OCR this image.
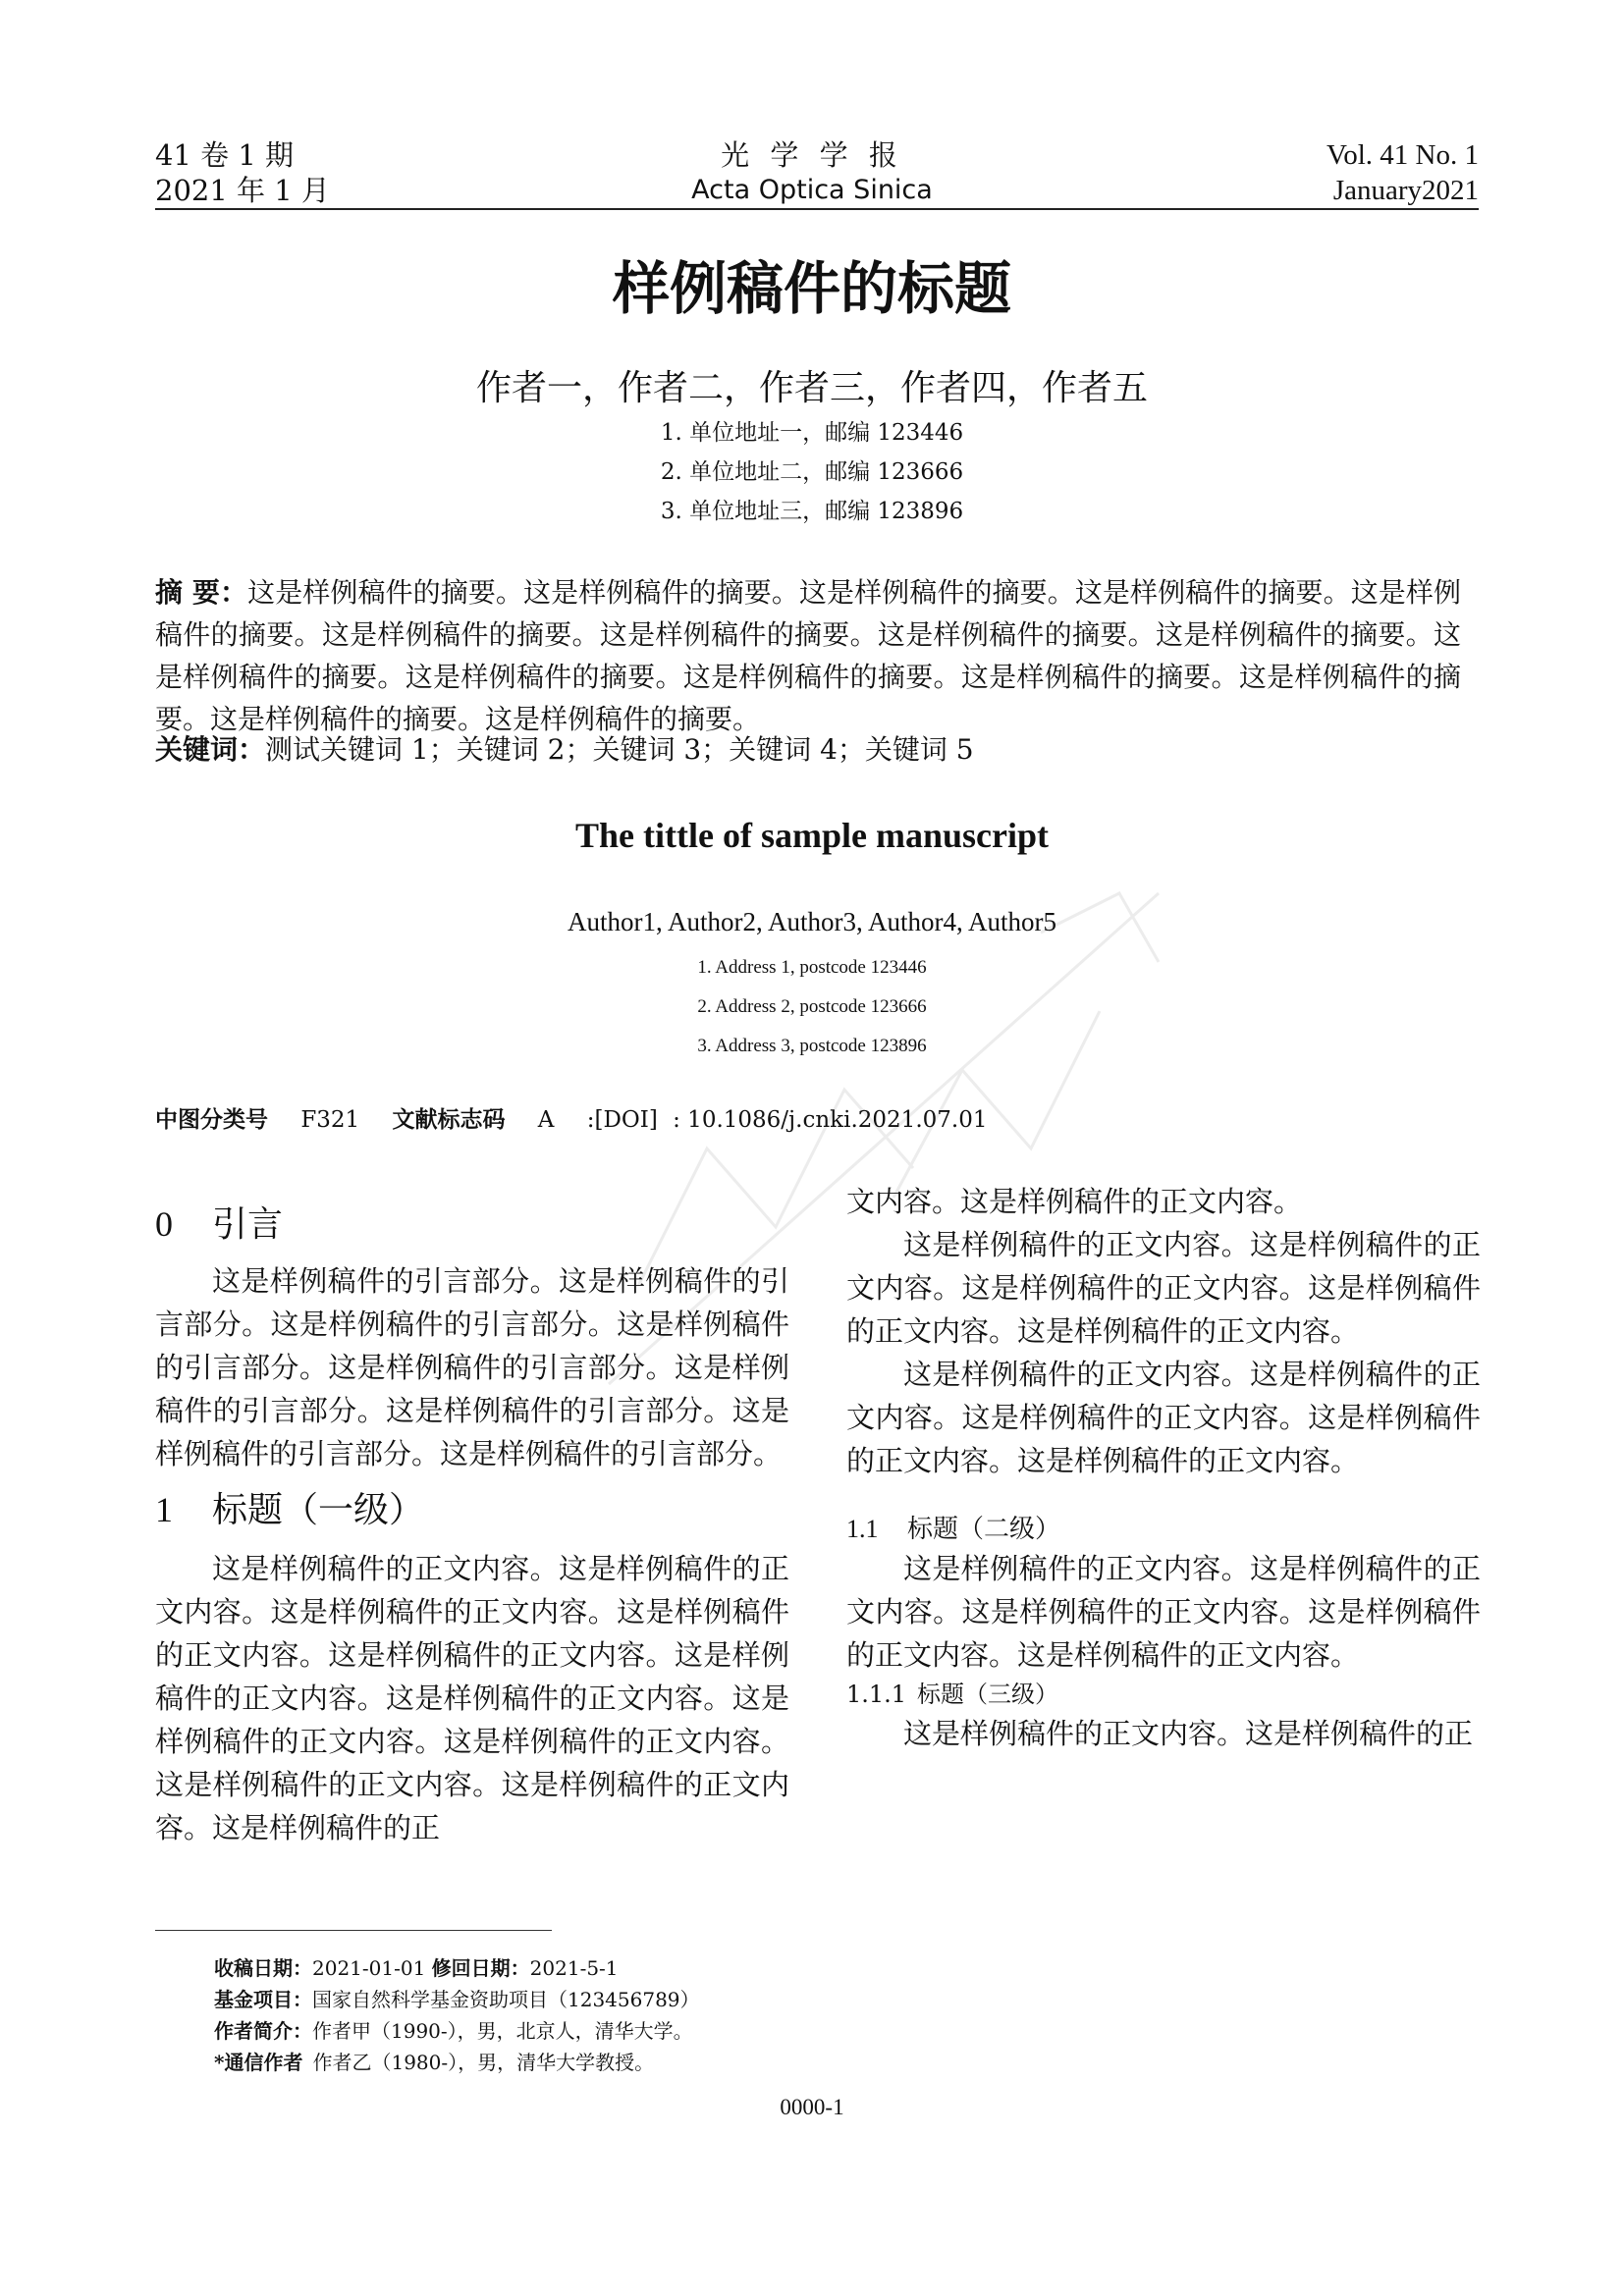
41 卷 1 期
2021 年 1 月
光 学 学 报
Acta Optica Sinica
Vol. 41 No. 1
January2021
样例稿件的标题
作者一，作者二，作者三，作者四，作者五
1. 单位地址一，邮编 123446
2. 单位地址二，邮编 123666
3. 单位地址三，邮编 123896
摘 要：这是样例稿件的摘要。这是样例稿件的摘要。这是样例稿件的摘要。这是样例稿件的摘要。这是样例稿件的摘要。这是样例稿件的摘要。这是样例稿件的摘要。这是样例稿件的摘要。这是样例稿件的摘要。这是样例稿件的摘要。这是样例稿件的摘要。这是样例稿件的摘要。这是样例稿件的摘要。这是样例稿件的摘要。这是样例稿件的摘要。这是样例稿件的摘要。
关键词：测试关键词 1；关键词 2；关键词 3；关键词 4；关键词 5
The tittle of sample manuscript
Author1, Author2, Author3, Author4, Author5
1. Address 1, postcode 123446
2. Address 2, postcode 123666
3. Address 3, postcode 123896
中图分类号 F321 文献标志码 A :[DOI] : 10.1086/j.cnki.2021.07.01
0 引言

这是样例稿件的引言部分。这是样例稿件的引言部分。这是样例稿件的引言部分。这是样例稿件的引言部分。这是样例稿件的引言部分。这是样例稿件的引言部分。这是样例稿件的引言部分。这是样例稿件的引言部分。这是样例稿件的引言部分。

1 标题（一级）

这是样例稿件的正文内容。这是样例稿件的正文内容。这是样例稿件的正文内容。这是样例稿件的正文内容。这是样例稿件的正文内容。这是样例稿件的正文内容。这是样例稿件的正文内容。这是样例稿件的正文内容。这是样例稿件的正文内容。这是样例稿件的正文内容。这是样例稿件的正文内容。这是样例稿件的正

文内容。这是样例稿件的正文内容。

这是样例稿件的正文内容。这是样例稿件的正文内容。这是样例稿件的正文内容。这是样例稿件的正文内容。这是样例稿件的正文内容。

这是样例稿件的正文内容。这是样例稿件的正文内容。这是样例稿件的正文内容。这是样例稿件的正文内容。这是样例稿件的正文内容。

1.1 标题（二级）

这是样例稿件的正文内容。这是样例稿件的正文内容。这是样例稿件的正文内容。这是样例稿件的正文内容。这是样例稿件的正文内容。

1.1.1 标题（三级）

这是样例稿件的正文内容。这是样例稿件的正

收稿日期：2021-01-01 修回日期：2021-5-1
基金项目：国家自然科学基金资助项目（123456789）
作者简介：作者甲（1990-），男，北京人，清华大学。
*通信作者 作者乙（1980-），男，清华大学教授。
0000-1
